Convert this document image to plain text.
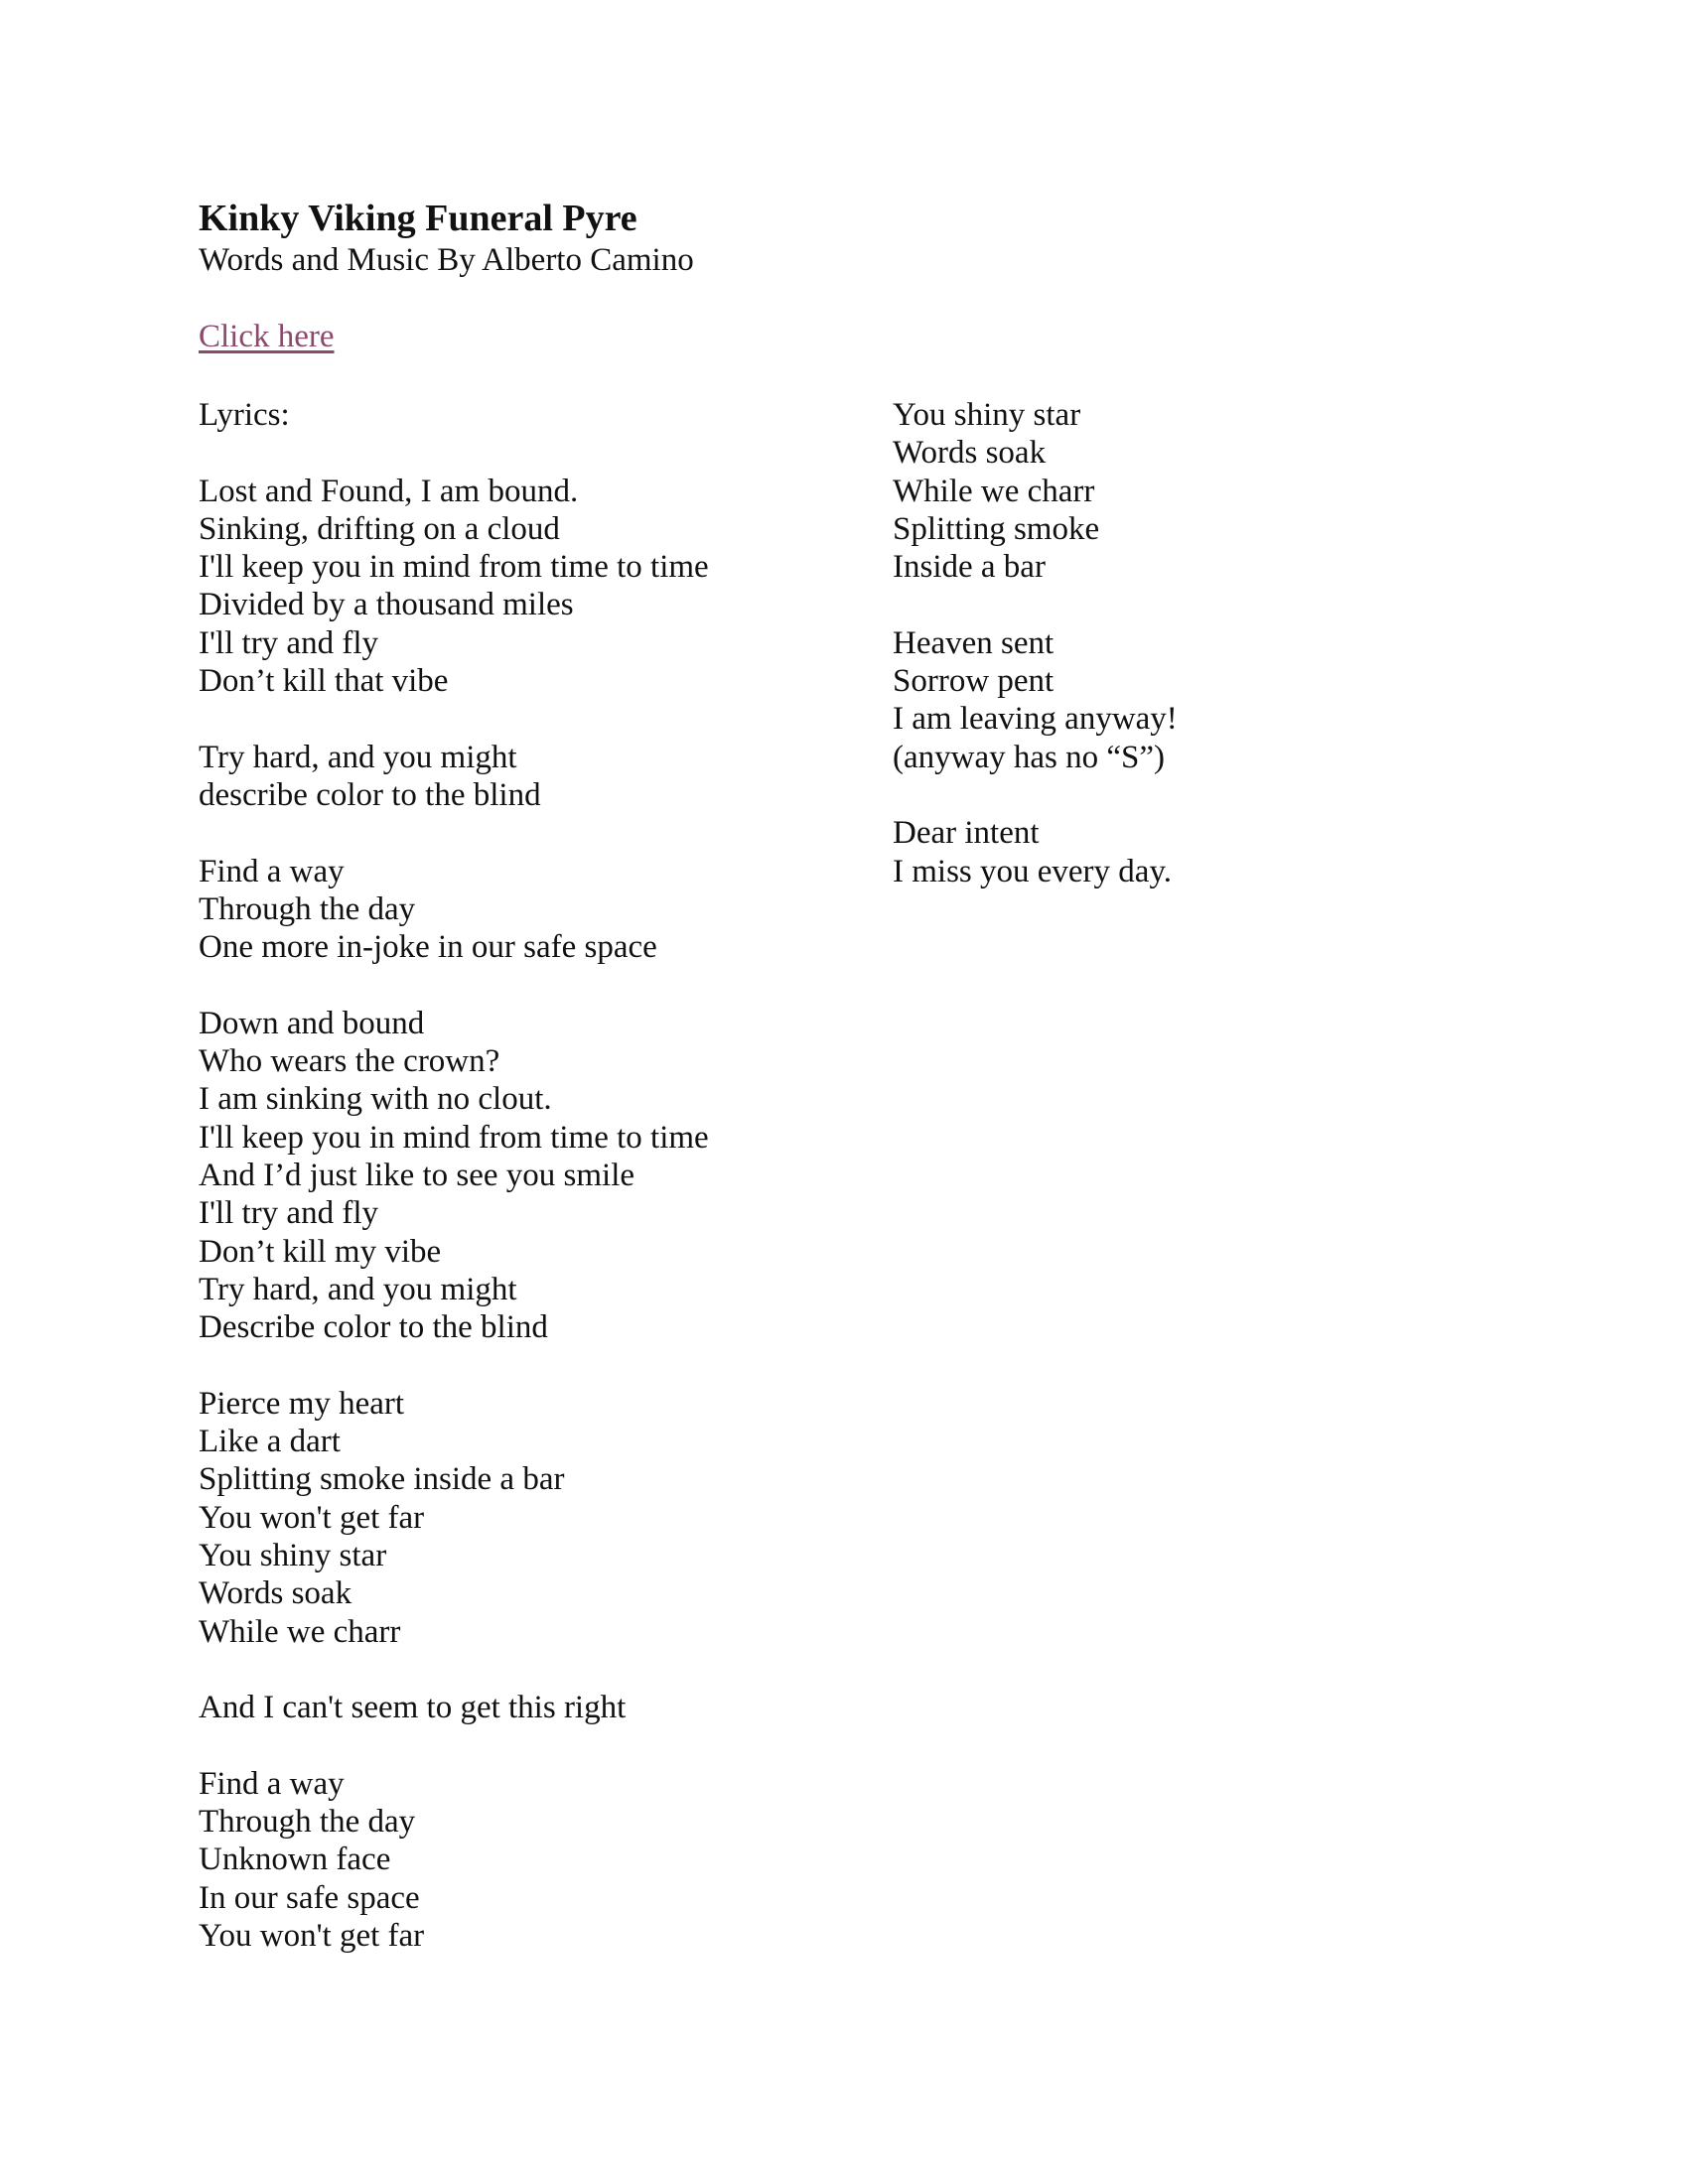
Kinky Viking Funeral Pyre
Words and Music By Alberto Camino
Click here
Lyrics:
Lost and Found, I am bound.
Sinking, drifting on a cloud
I'll keep you in mind from time to time
Divided by a thousand miles
I'll try and fly
Don’t kill that vibe
Try hard, and you might
describe color to the blind
Find a way
Through the day
One more in-joke in our safe space
Down and bound
Who wears the crown?
I am sinking with no clout.
I'll keep you in mind from time to time
And I’d just like to see you smile
I'll try and fly
Don’t kill my vibe
Try hard, and you might
Describe color to the blind
Pierce my heart
Like a dart
Splitting smoke inside a bar
You won't get far
You shiny star
Words soak
While we charr
And I can't seem to get this right
Find a way
Through the day
Unknown face
In our safe space
You won't get far
You shiny star
Words soak
While we charr
Splitting smoke
Inside a bar
Heaven sent
Sorrow pent
I am leaving anyway!
(anyway has no “S”)
Dear intent
I miss you every day.
